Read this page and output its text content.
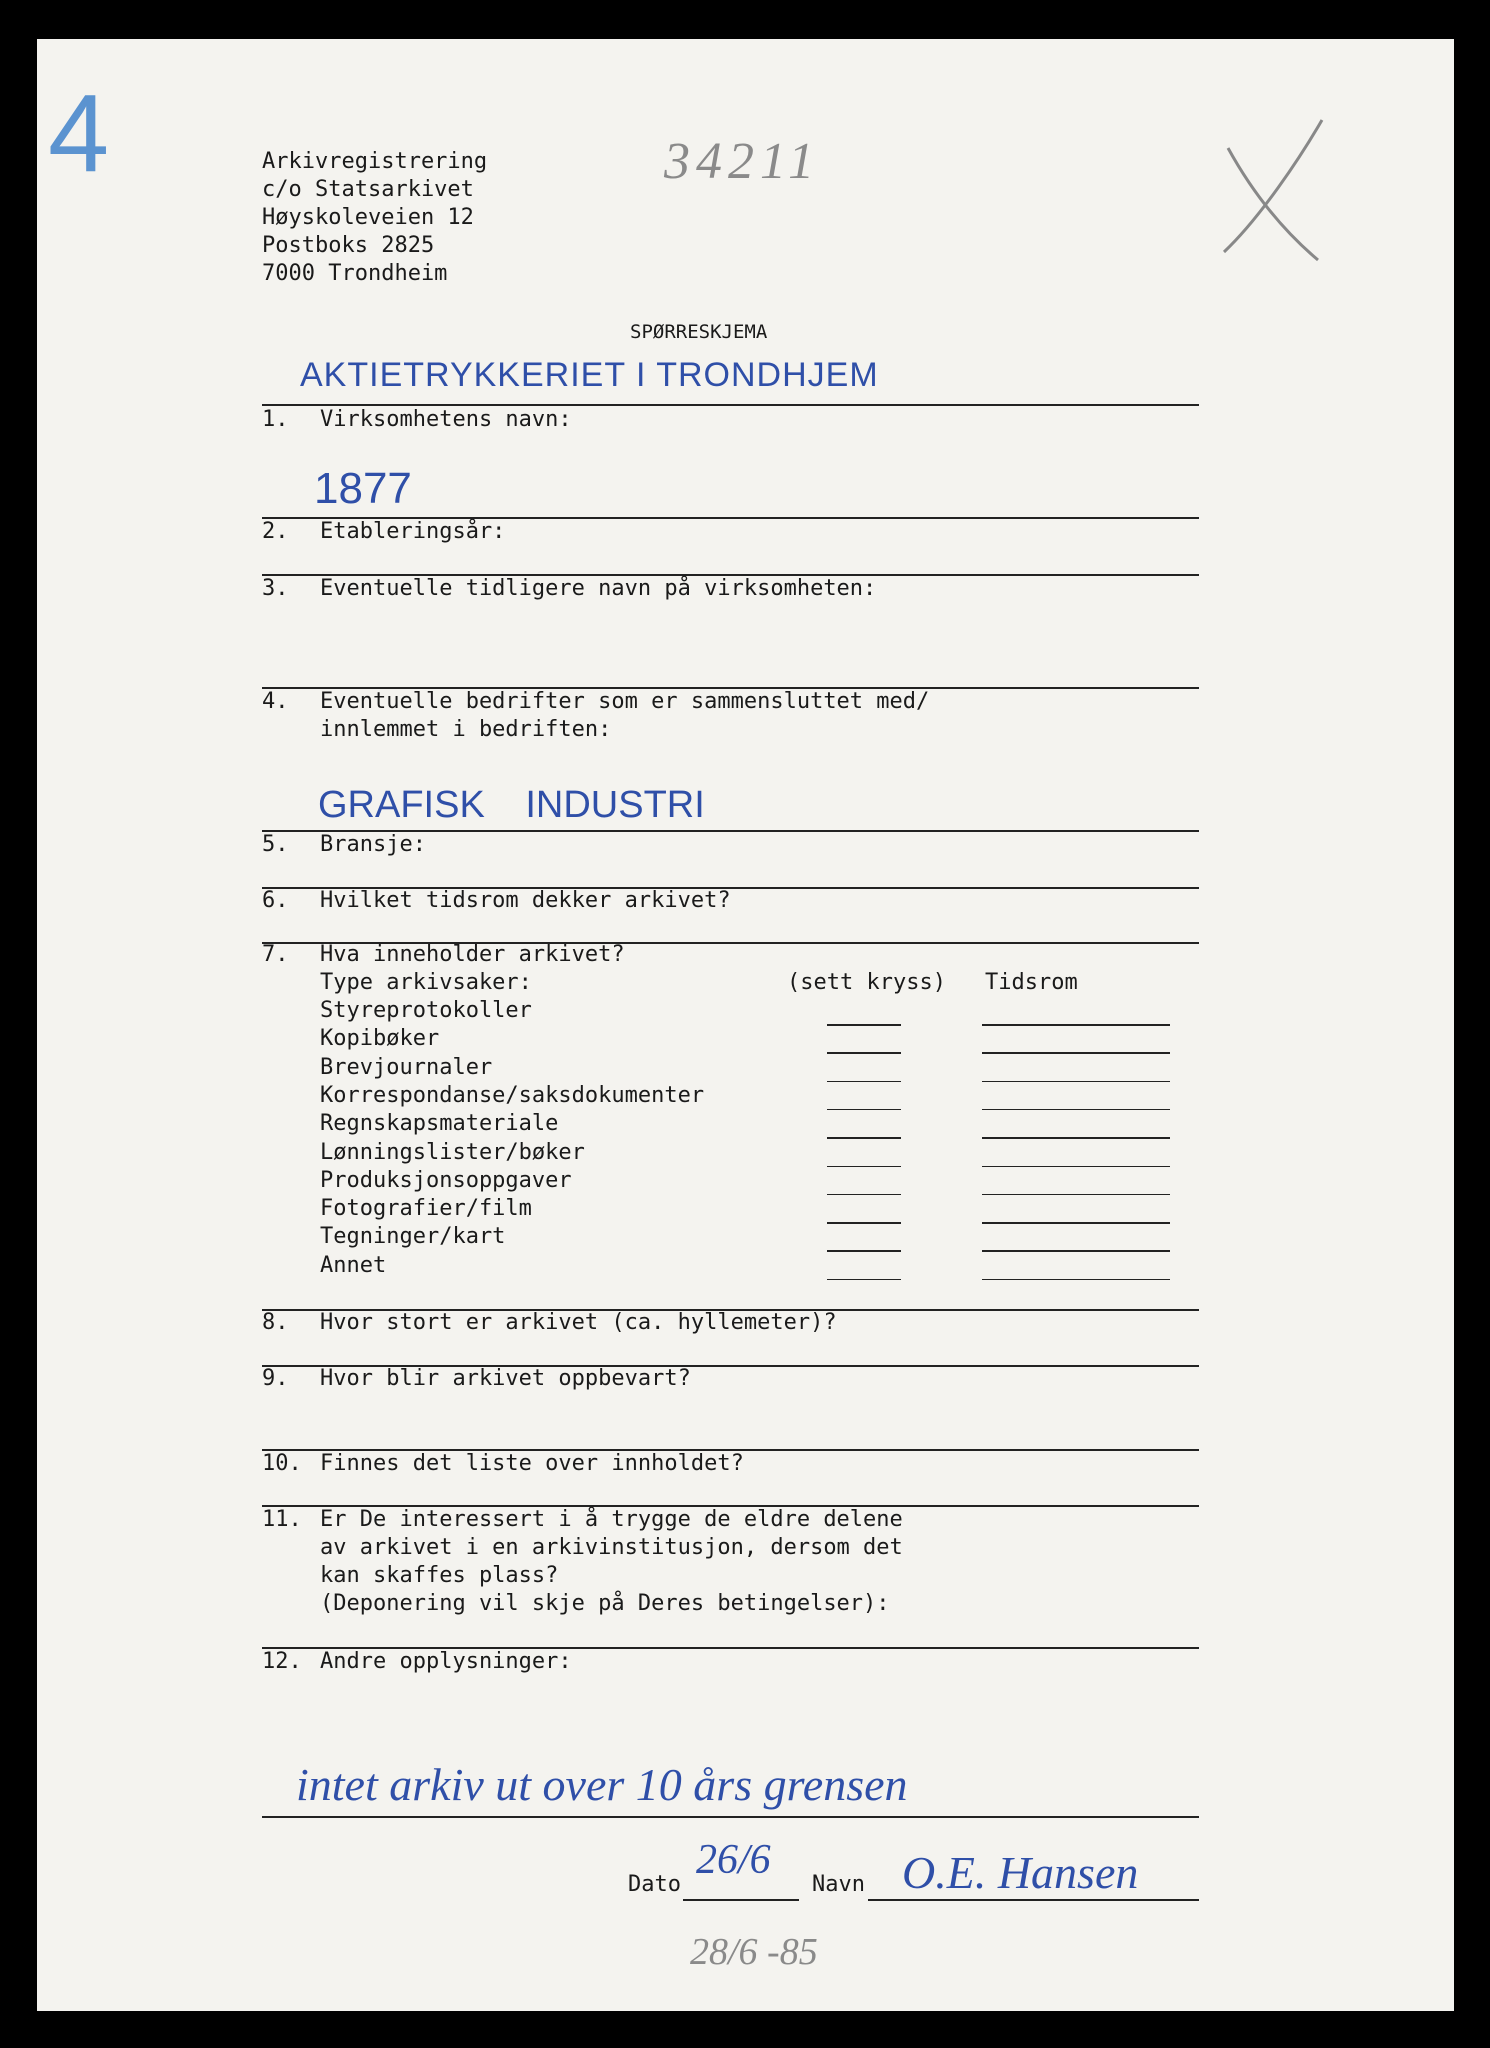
4	34211
Arkivregistrering
c/o Statsarkivet
Høyskoleveien 12
Postboks 2825
7000 Trondheim
SPØRRESKJEMA
AKTIETRYKKERIET I TRONDHJEM
1877
GRAFISK INDUSTRI
intet arkiv ut over 10 års grensen
1. Virksomhetens navn:
2. Etableringsår:
3. Eventuelle tidligere navn på virksomheten:
4. Eventuelle bedrifter som er sammensluttet med/
innlemmet i bedriften:
5. Bransje:
6. Hvilket tidsrom dekker arkivet?
7. Hva inneholder arkivet?
Type arkivsaker:	(sett kryss) Tidsrom
Styreprotokoller
Kopibøker
Brevjournaler
Korrespondanse/saksdokumenter
Regnskapsmateriale
Lønningslister/bøker
Produksjonsoppgaver
Fotografier/film
Tegninger/kart
Annet
8. Hvor stort er arkivet (ca. hyllemeter)?
9. Hvor blir arkivet oppbevart?
10. Finnes det liste over innholdet?
11. Er De interessert i å trygge de eldre delene
av arkivet i en arkivinstitusjon, dersom det
kan skaffes plass?
(Deponering vil skje på Deres betingelser):
12. Andre opplysninger:
Dato
26/6
Navn O.E. Hansen
28/6 -85
